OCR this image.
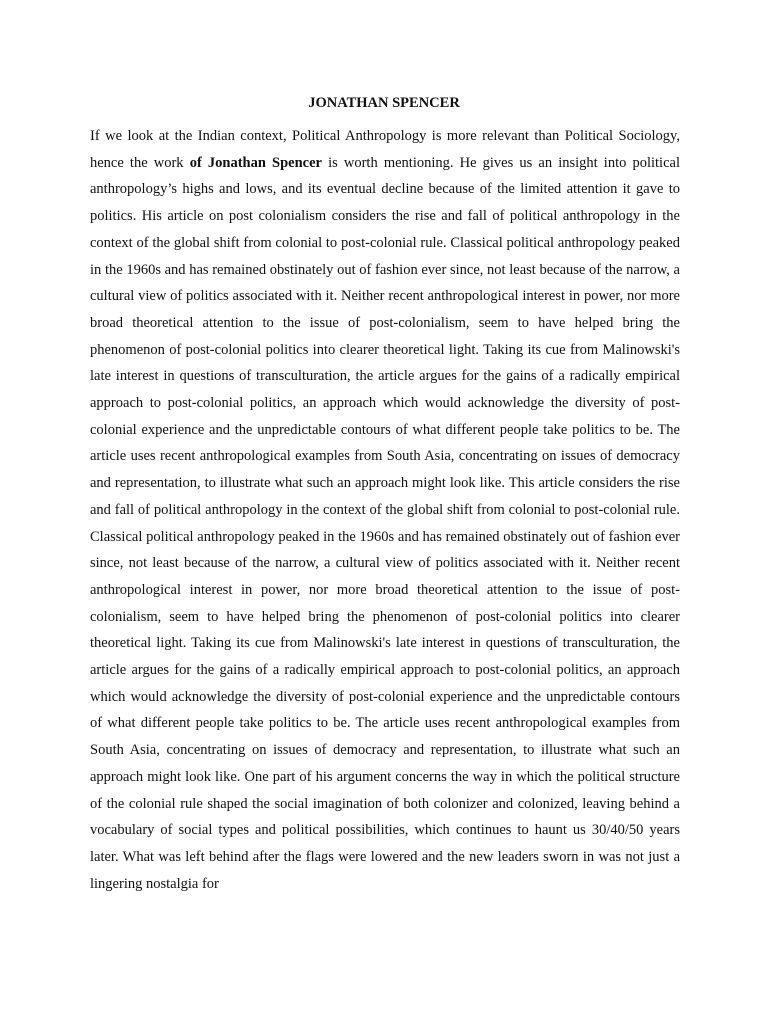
JONATHAN SPENCER

If we look at the Indian context, Political Anthropology is more relevant than Political Sociology, hence the work of Jonathan Spencer is worth mentioning. He gives us an insight into political anthropology’s highs and lows, and its eventual decline because of the limited attention it gave to politics. His article on post colonialism considers the rise and fall of political anthropology in the context of the global shift from colonial to post-colonial rule. Classical political anthropology peaked in the 1960s and has remained obstinately out of fashion ever since, not least because of the narrow, a cultural view of politics associated with it. Neither recent anthropological interest in power, nor more broad theoretical attention to the issue of post-colonialism, seem to have helped bring the phenomenon of post-colonial politics into clearer theoretical light. Taking its cue from Malinowski's late interest in questions of transculturation, the article argues for the gains of a radically empirical approach to post-colonial politics, an approach which would acknowledge the diversity of post-colonial experience and the unpredictable contours of what different people take politics to be. The article uses recent anthropological examples from South Asia, concentrating on issues of democracy and representation, to illustrate what such an approach might look like. This article considers the rise and fall of political anthropology in the context of the global shift from colonial to post-colonial rule. Classical political anthropology peaked in the 1960s and has remained obstinately out of fashion ever since, not least because of the narrow, a cultural view of politics associated with it. Neither recent anthropological interest in power, nor more broad theoretical attention to the issue of post-colonialism, seem to have helped bring the phenomenon of post-colonial politics into clearer theoretical light. Taking its cue from Malinowski's late interest in questions of transculturation, the article argues for the gains of a radically empirical approach to post-colonial politics, an approach which would acknowledge the diversity of post-colonial experience and the unpredictable contours of what different people take politics to be. The article uses recent anthropological examples from South Asia, concentrating on issues of democracy and representation, to illustrate what such an approach might look like. One part of his argument concerns the way in which the political structure of the colonial rule shaped the social imagination of both colonizer and colonized, leaving behind a vocabulary of social types and political possibilities, which continues to haunt us 30/40/50 years later. What was left behind after the flags were lowered and the new leaders sworn in was not just a lingering nostalgia for
